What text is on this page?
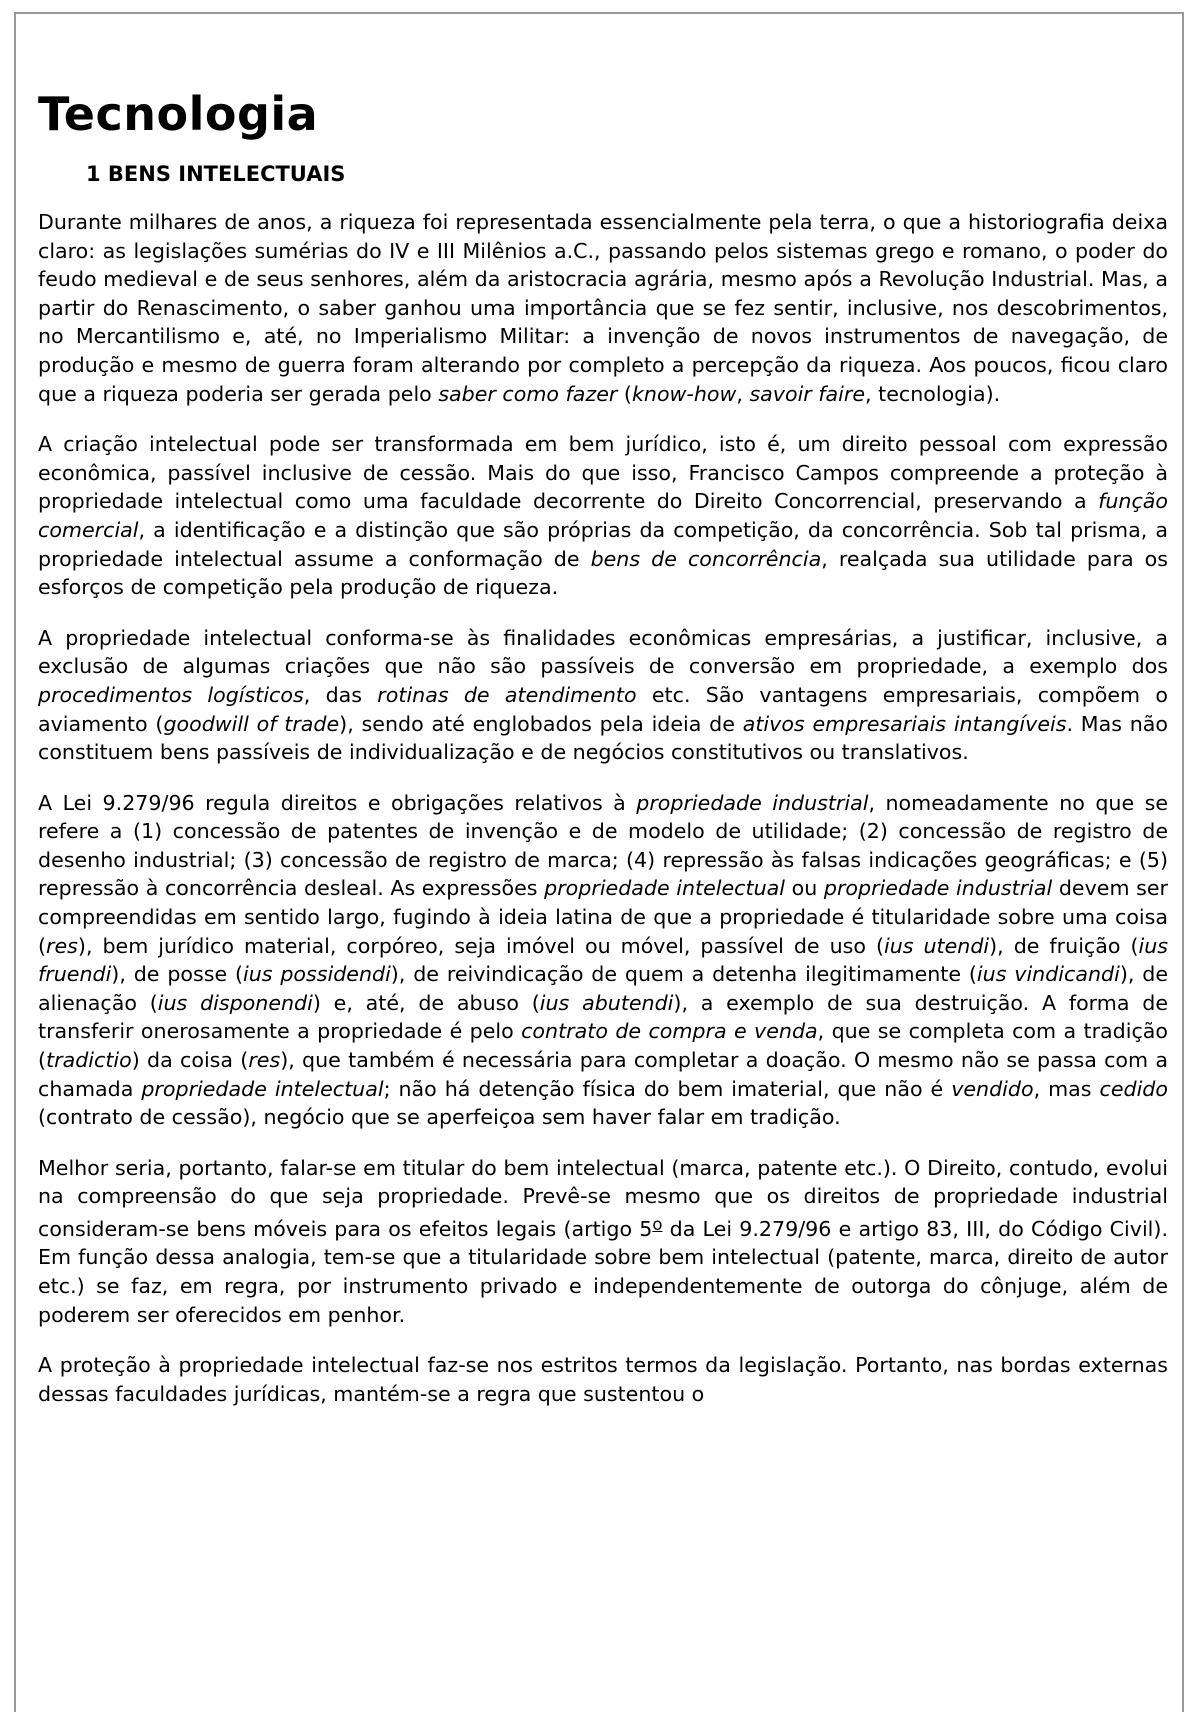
Tecnologia
1 BENS INTELECTUAIS

Durante milhares de anos, a riqueza foi representada essencialmente pela terra, o que a historiografia deixa claro: as legislações sumérias do IV e III Milênios a.C., passando pelos sistemas grego e romano, o poder do feudo medieval e de seus senhores, além da aristocracia agrária, mesmo após a Revolução Industrial. Mas, a partir do Renascimento, o saber ganhou uma importância que se fez sentir, inclusive, nos descobrimentos, no Mercantilismo e, até, no Imperialismo Militar: a invenção de novos instrumentos de navegação, de produção e mesmo de guerra foram alterando por completo a percepção da riqueza. Aos poucos, ficou claro que a riqueza poderia ser gerada pelo saber como fazer (know-how, savoir faire, tecnologia).

A criação intelectual pode ser transformada em bem jurídico, isto é, um direito pessoal com expressão econômica, passível inclusive de cessão. Mais do que isso, Francisco Campos compreende a proteção à propriedade intelectual como uma faculdade decorrente do Direito Concorrencial, preservando a função comercial, a identificação e a distinção que são próprias da competição, da concorrência. Sob tal prisma, a propriedade intelectual assume a conformação de bens de concorrência, realçada sua utilidade para os esforços de competição pela produção de riqueza.

A propriedade intelectual conforma-se às finalidades econômicas empresárias, a justificar, inclusive, a exclusão de algumas criações que não são passíveis de conversão em propriedade, a exemplo dos procedimentos logísticos, das rotinas de atendimento etc. São vantagens empresariais, compõem o aviamento (goodwill of trade), sendo até englobados pela ideia de ativos empresariais intangíveis. Mas não constituem bens passíveis de individualização e de negócios constitutivos ou translativos.

A Lei 9.279/96 regula direitos e obrigações relativos à propriedade industrial, nomeadamente no que se refere a (1) concessão de patentes de invenção e de modelo de utilidade; (2) concessão de registro de desenho industrial; (3) concessão de registro de marca; (4) repressão às falsas indicações geográficas; e (5) repressão à concorrência desleal. As expressões propriedade intelectual ou propriedade industrial devem ser compreendidas em sentido largo, fugindo à ideia latina de que a propriedade é titularidade sobre uma coisa (res), bem jurídico material, corpóreo, seja imóvel ou móvel, passível de uso (ius utendi), de fruição (ius fruendi), de posse (ius possidendi), de reivindicação de quem a detenha ilegitimamente (ius vindicandi), de alienação (ius disponendi) e, até, de abuso (ius abutendi), a exemplo de sua destruição. A forma de transferir onerosamente a propriedade é pelo contrato de compra e venda, que se completa com a tradição (tradictio) da coisa (res), que também é necessária para completar a doação. O mesmo não se passa com a chamada propriedade intelectual; não há detenção física do bem imaterial, que não é vendido, mas cedido (contrato de cessão), negócio que se aperfeiçoa sem haver falar em tradição.

Melhor seria, portanto, falar-se em titular do bem intelectual (marca, patente etc.). O Direito, contudo, evolui na compreensão do que seja propriedade. Prevê-se mesmo que os direitos de propriedade industrial consideram-se bens móveis para os efeitos legais (artigo 5$^o$ da Lei 9.279/96 e artigo 83, III, do Código Civil). Em função dessa analogia, tem-se que a titularidade sobre bem intelectual (patente, marca, direito de autor etc.) se faz, em regra, por instrumento privado e independentemente de outorga do cônjuge, além de poderem ser oferecidos em penhor.

A proteção à propriedade intelectual faz-se nos estritos termos da legislação. Portanto, nas bordas externas dessas faculdades jurídicas, mantém-se a regra que sustentou o
